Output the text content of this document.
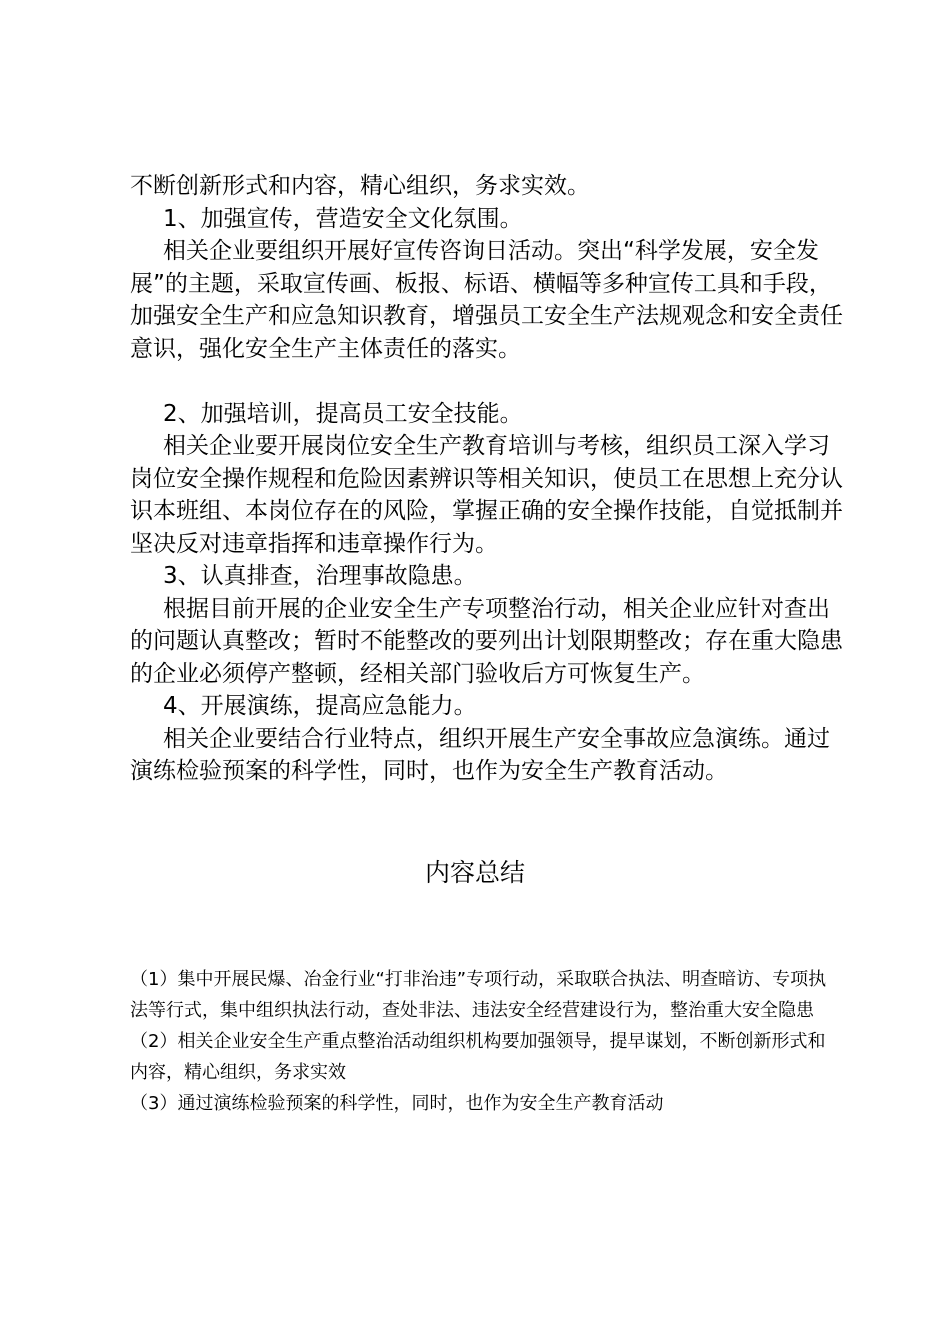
不断创新形式和内容，精心组织，务求实效。

1、加强宣传，营造安全文化氛围。

相关企业要组织开展好宣传咨询日活动。突出“科学发展，安全发展”的主题，采取宣传画、板报、标语、横幅等多种宣传工具和手段，加强安全生产和应急知识教育，增强员工安全生产法规观念和安全责任意识，强化安全生产主体责任的落实。

2、加强培训，提高员工安全技能。

相关企业要开展岗位安全生产教育培训与考核，组织员工深入学习岗位安全操作规程和危险因素辨识等相关知识，使员工在思想上充分认识本班组、本岗位存在的风险，掌握正确的安全操作技能，自觉抵制并坚决反对违章指挥和违章操作行为。

3、认真排查，治理事故隐患。

根据目前开展的企业安全生产专项整治行动，相关企业应针对查出的问题认真整改；暂时不能整改的要列出计划限期整改；存在重大隐患的企业必须停产整顿，经相关部门验收后方可恢复生产。

4、开展演练，提高应急能力。

相关企业要结合行业特点，组织开展生产安全事故应急演练。通过演练检验预案的科学性，同时，也作为安全生产教育活动。

内容总结

（1）集中开展民爆、冶金行业“打非治违”专项行动，采取联合执法、明查暗访、专项执法等行式，集中组织执法行动，查处非法、违法安全经营建设行为，整治重大安全隐患

（2）相关企业安全生产重点整治活动组织机构要加强领导，提早谋划，不断创新形式和内容，精心组织，务求实效

（3）通过演练检验预案的科学性，同时，也作为安全生产教育活动
